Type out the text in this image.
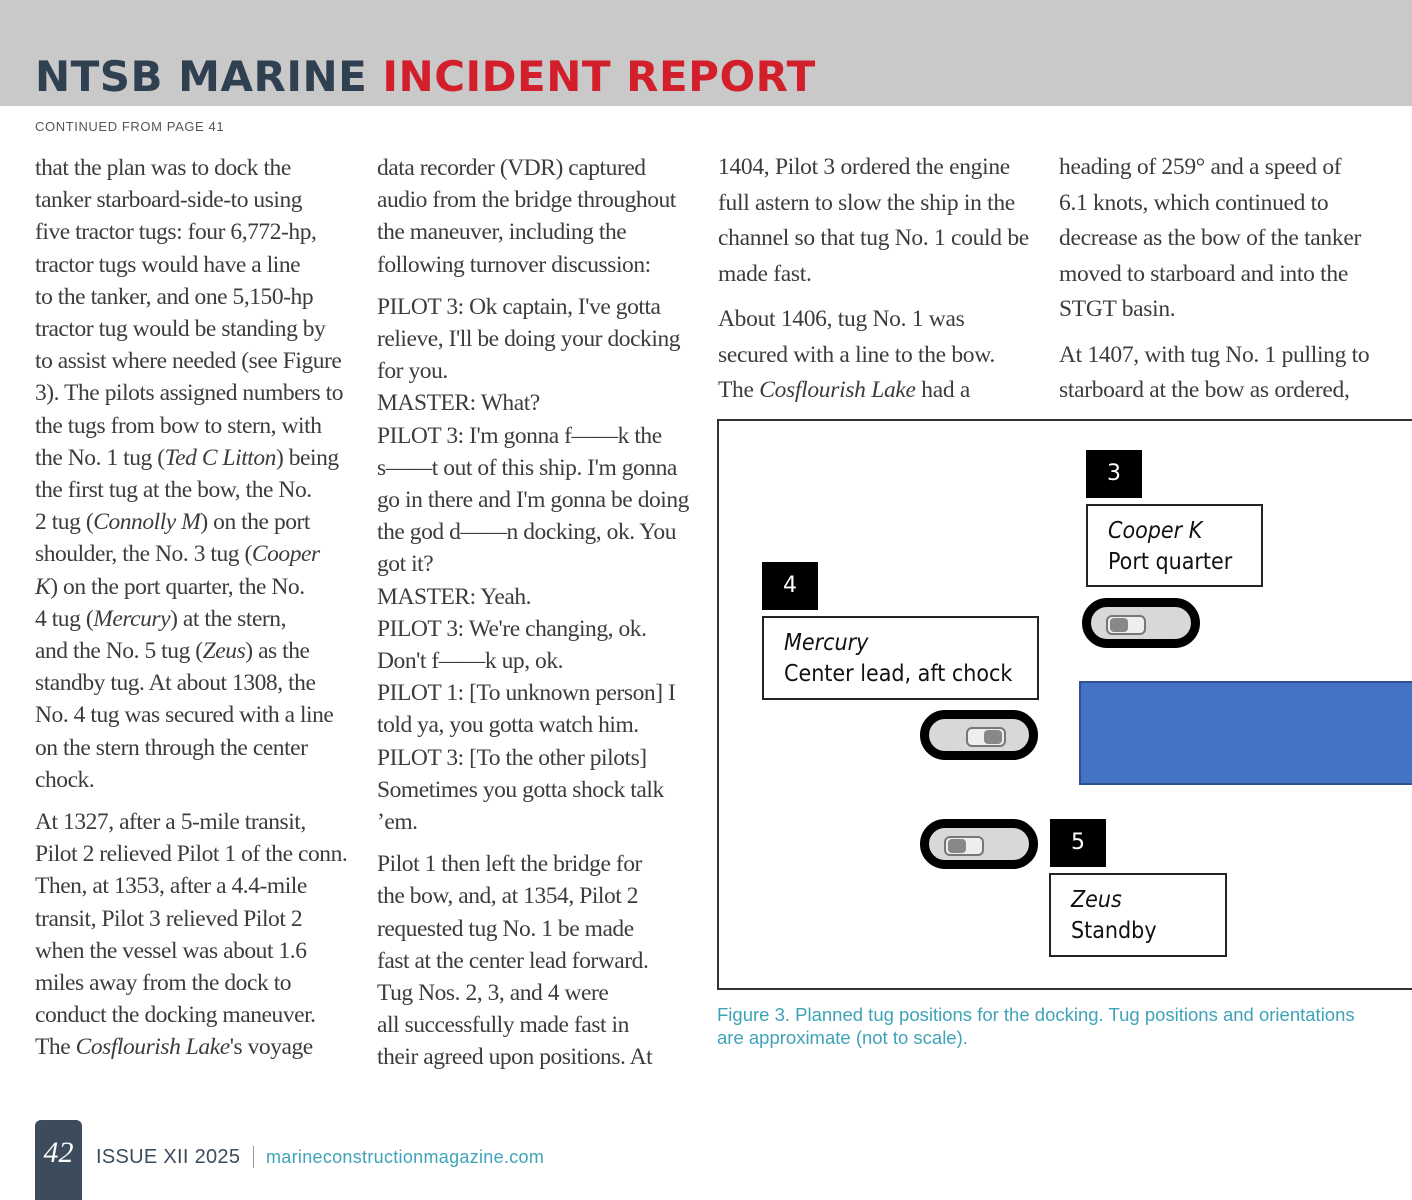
NTSB MARINE INCIDENT REPORT
CONTINUED FROM PAGE 41

that the plan was to dock the
tanker starboard-side-to using
five tractor tugs: four 6,772-hp,
tractor tugs would have a line
to the tanker, and one 5,150-hp
tractor tug would be standing by
to assist where needed (see Figure
3). The pilots assigned numbers to
the tugs from bow to stern, with
the No. 1 tug (Ted C Litton) being
the first tug at the bow, the No.
2 tug (Connolly M) on the port
shoulder, the No. 3 tug (Cooper
K) on the port quarter, the No.
4 tug (Mercury) at the stern,
and the No. 5 tug (Zeus) as the
standby tug. At about 1308, the
No. 4 tug was secured with a line
on the stern through the center
chock.

At 1327, after a 5-mile transit,
Pilot 2 relieved Pilot 1 of the conn.
Then, at 1353, after a 4.4-mile
transit, Pilot 3 relieved Pilot 2
when the vessel was about 1.6
miles away from the dock to
conduct the docking maneuver.
The Cosflourish Lake's voyage

data recorder (VDR) captured
audio from the bridge throughout
the maneuver, including the
following turnover discussion:

PILOT 3: Ok captain, I've gotta
relieve, I'll be doing your docking
for you.
MASTER: What?
PILOT 3: I'm gonna f——k the
s——t out of this ship. I'm gonna
go in there and I'm gonna be doing
the god d——n docking, ok. You
got it?
MASTER: Yeah.
PILOT 3: We're changing, ok.
Don't f——k up, ok.
PILOT 1: [To unknown person] I
told ya, you gotta watch him.
PILOT 3: [To the other pilots]
Sometimes you gotta shock talk
’em.

Pilot 1 then left the bridge for
the bow, and, at 1354, Pilot 2
requested tug No. 1 be made
fast at the center lead forward.
Tug Nos. 2, 3, and 4 were
all successfully made fast in
their agreed upon positions. At

1404, Pilot 3 ordered the engine
full astern to slow the ship in the
channel so that tug No. 1 could be
made fast.

About 1406, tug No. 1 was
secured with a line to the bow.
The Cosflourish Lake had a

heading of 259° and a speed of
6.1 knots, which continued to
decrease as the bow of the tanker
moved to starboard and into the
STGT basin.

At 1407, with tug No. 1 pulling to
starboard at the bow as ordered,

3
Cooper K
Port quarter
4
Mercury
Center lead, aft chock
5
Zeus
Standby
Figure 3. Planned tug positions for the docking. Tug positions and orientations are approximate (not to scale).
42	ISSUE XII 2025 marineconstructionmagazine.com
